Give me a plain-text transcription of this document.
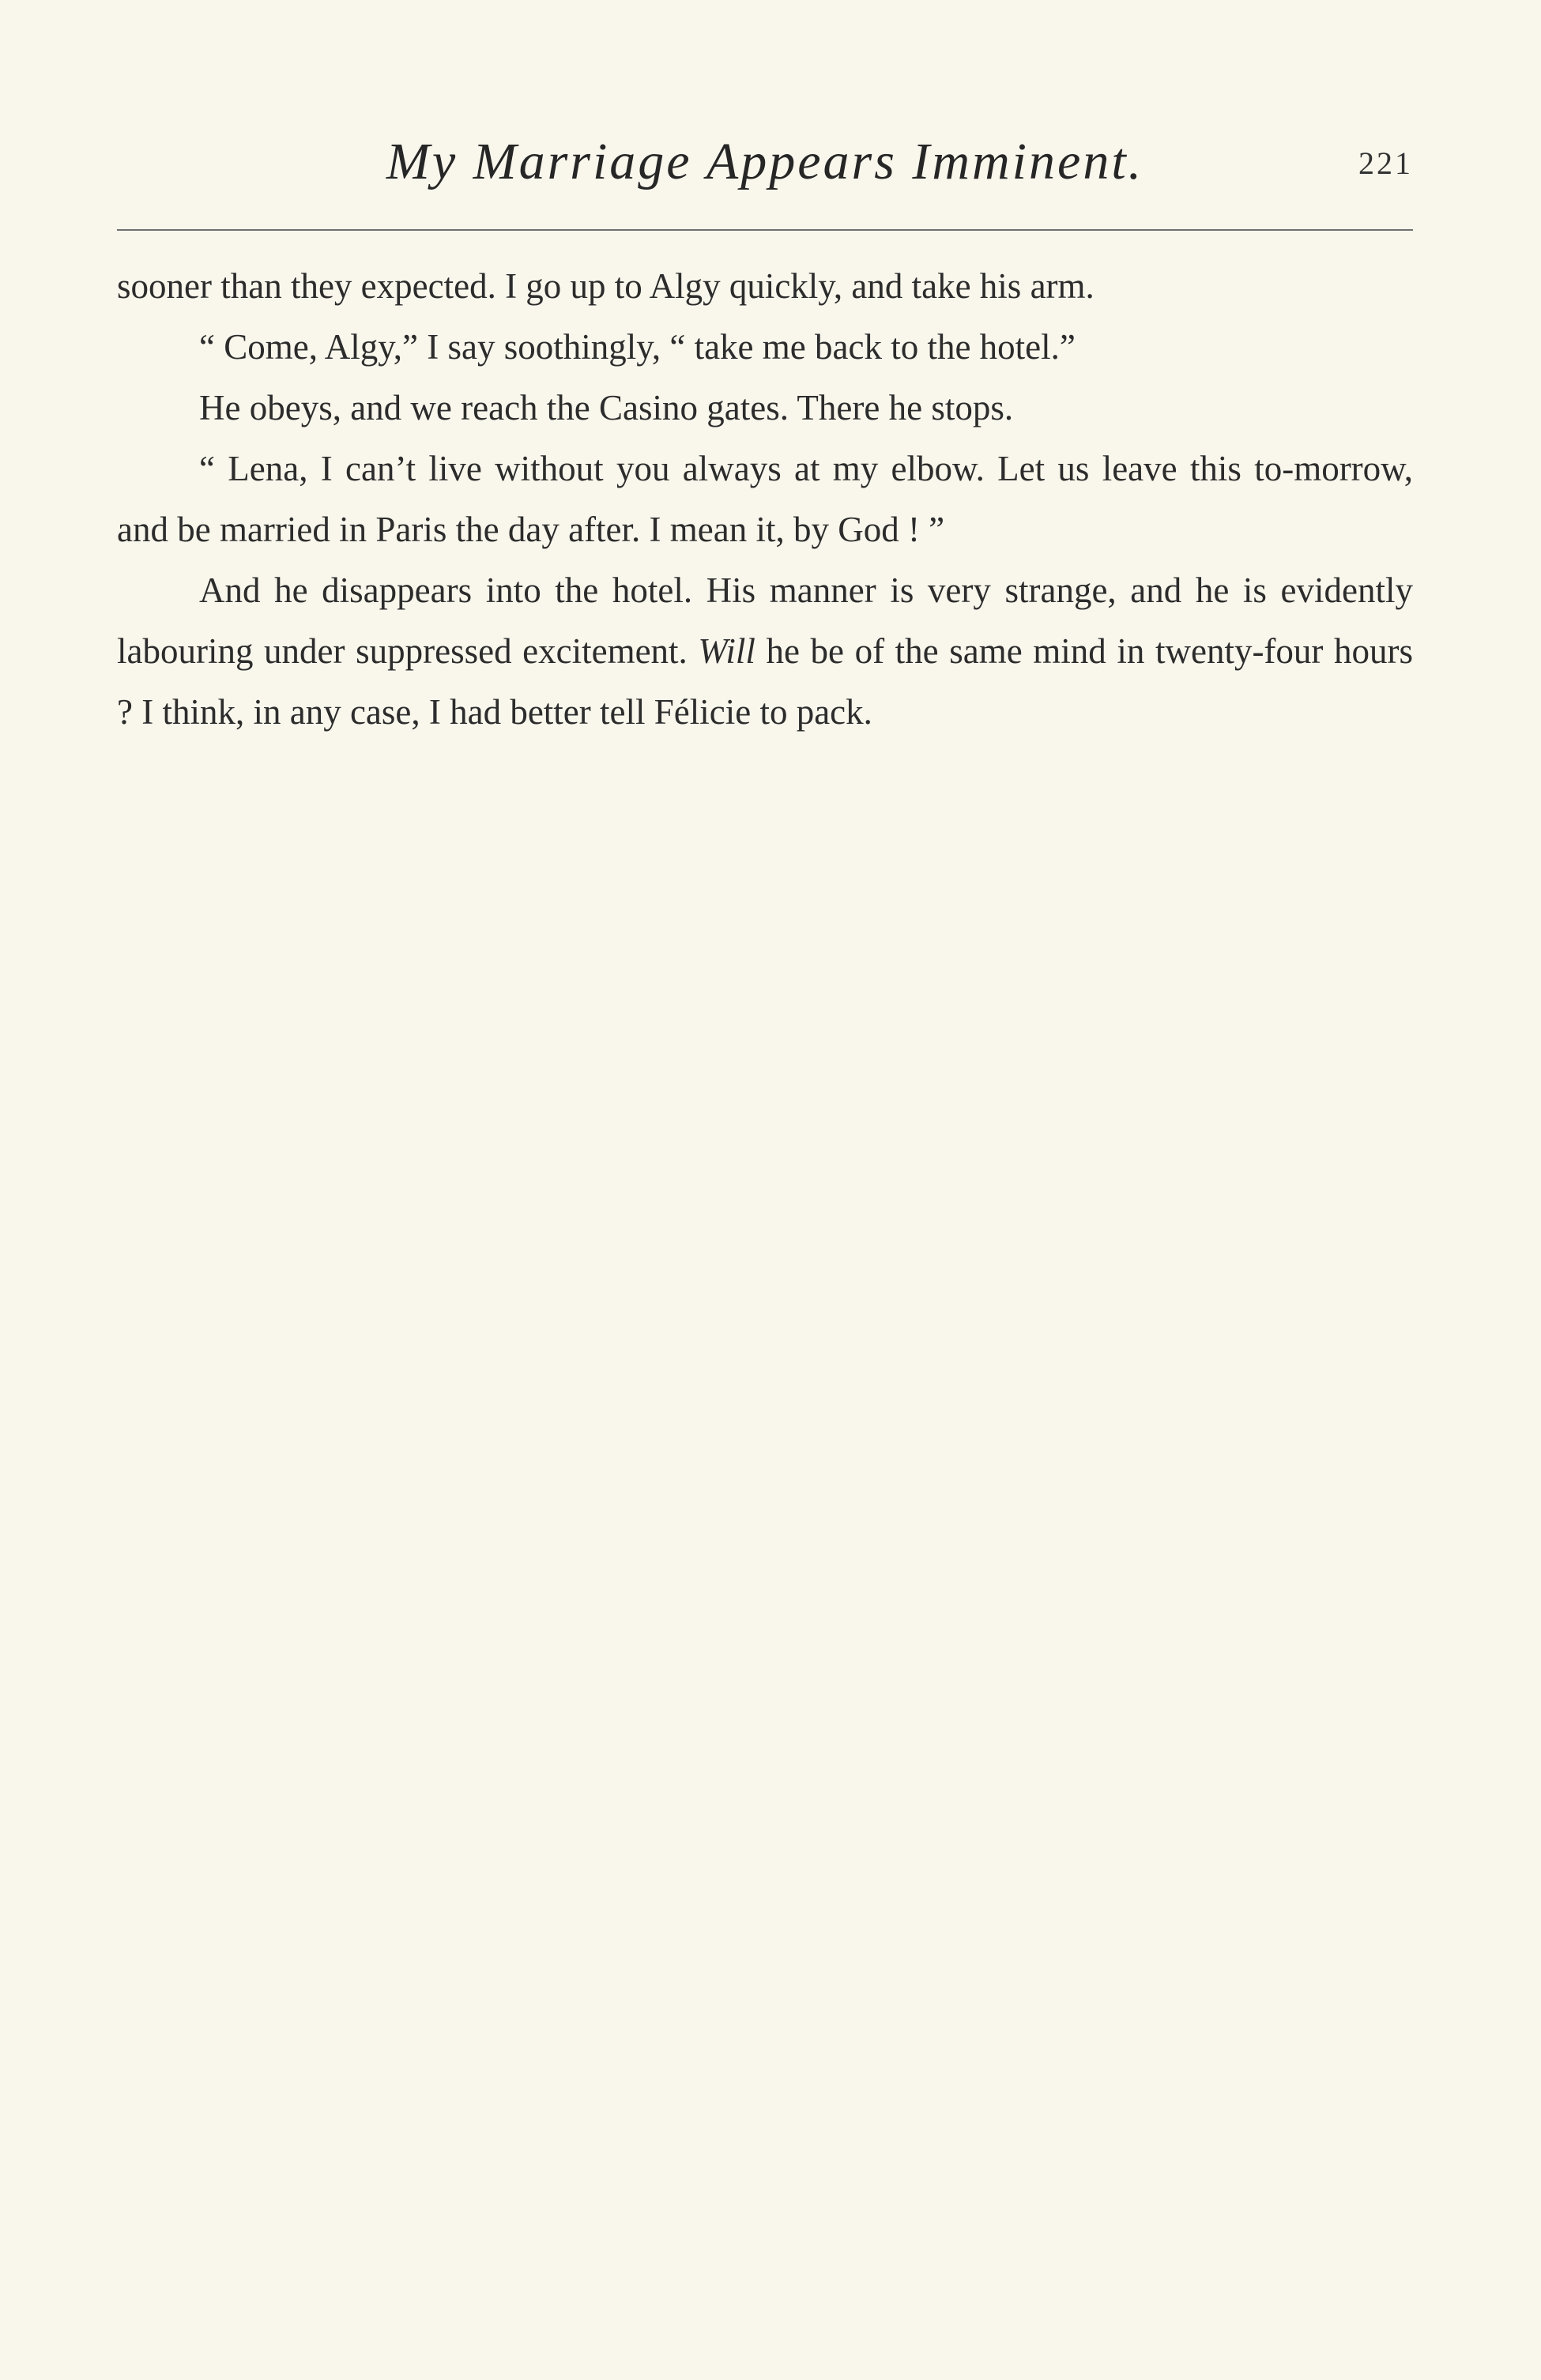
My Marriage Appears Imminent.	221

sooner than they expected. I go up to Algy quickly, and take his arm.

“ Come, Algy,” I say soothingly, “ take me back to the hotel.”

He obeys, and we reach the Casino gates. There he stops.

“ Lena, I can’t live without you always at my elbow. Let us leave this to-morrow, and be married in Paris the day after. I mean it, by God ! ”

And he disappears into the hotel. His manner is very strange, and he is evidently labouring under suppressed excitement. Will he be of the same mind in twenty-four hours ? I think, in any case, I had better tell Félicie to pack.
